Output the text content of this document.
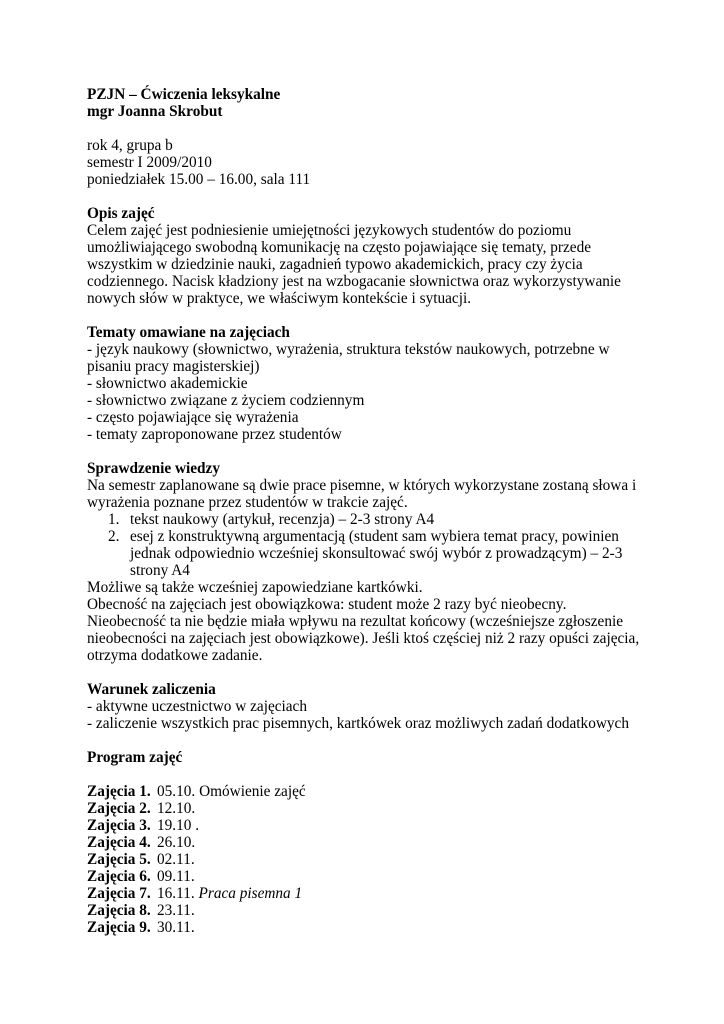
PZJN – Ćwiczenia leksykalne
mgr Joanna Skrobut
rok 4, grupa b
semestr I 2009/2010
poniedziałek 15.00 – 16.00, sala 111
Opis zajęć
Celem zajęć jest podniesienie umiejętności językowych studentów do poziomu umożliwiającego swobodną komunikację na często pojawiające się tematy, przede wszystkim w dziedzinie nauki, zagadnień typowo akademickich, pracy czy życia codziennego. Nacisk kładziony jest na wzbogacanie słownictwa oraz wykorzystywanie nowych słów w praktyce, we właściwym kontekście i sytuacji.
Tematy omawiane na zajęciach
- język naukowy (słownictwo, wyrażenia, struktura tekstów naukowych, potrzebne w pisaniu pracy magisterskiej)
- słownictwo akademickie
- słownictwo związane z życiem codziennym
- często pojawiające się wyrażenia
- tematy zaproponowane przez studentów
Sprawdzenie wiedzy
Na semestr zaplanowane są dwie prace pisemne, w których wykorzystane zostaną słowa i wyrażenia poznane przez studentów w trakcie zajęć.
1. tekst naukowy (artykuł, recenzja) – 2-3 strony A4
2. esej z konstruktywną argumentacją (student sam wybiera temat pracy, powinien jednak odpowiednio wcześniej skonsultować swój wybór z prowadzącym) – 2-3 strony A4
Możliwe są także wcześniej zapowiedziane kartkówki.
Obecność na zajęciach jest obowiązkowa: student może 2 razy być nieobecny. Nieobecność ta nie będzie miała wpływu na rezultat końcowy (wcześniejsze zgłoszenie nieobecności na zajęciach jest obowiązkowe). Jeśli ktoś częściej niż 2 razy opuści zajęcia, otrzyma dodatkowe zadanie.
Warunek zaliczenia
- aktywne uczestnictwo w zajęciach
- zaliczenie wszystkich prac pisemnych, kartkówek oraz możliwych zadań dodatkowych
Program zajęć
Zajęcia 1. 05.10.
Omówienie zajęć
Zajęcia 2. 12.10.
Zajęcia 3. 19.10 .
Zajęcia 4. 26.10.
Zajęcia 5. 02.11.
Zajęcia 6. 09.11.
Zajęcia 7. 16.11.
Praca pisemna 1
Zajęcia 8. 23.11.
Zajęcia 9. 30.11.
